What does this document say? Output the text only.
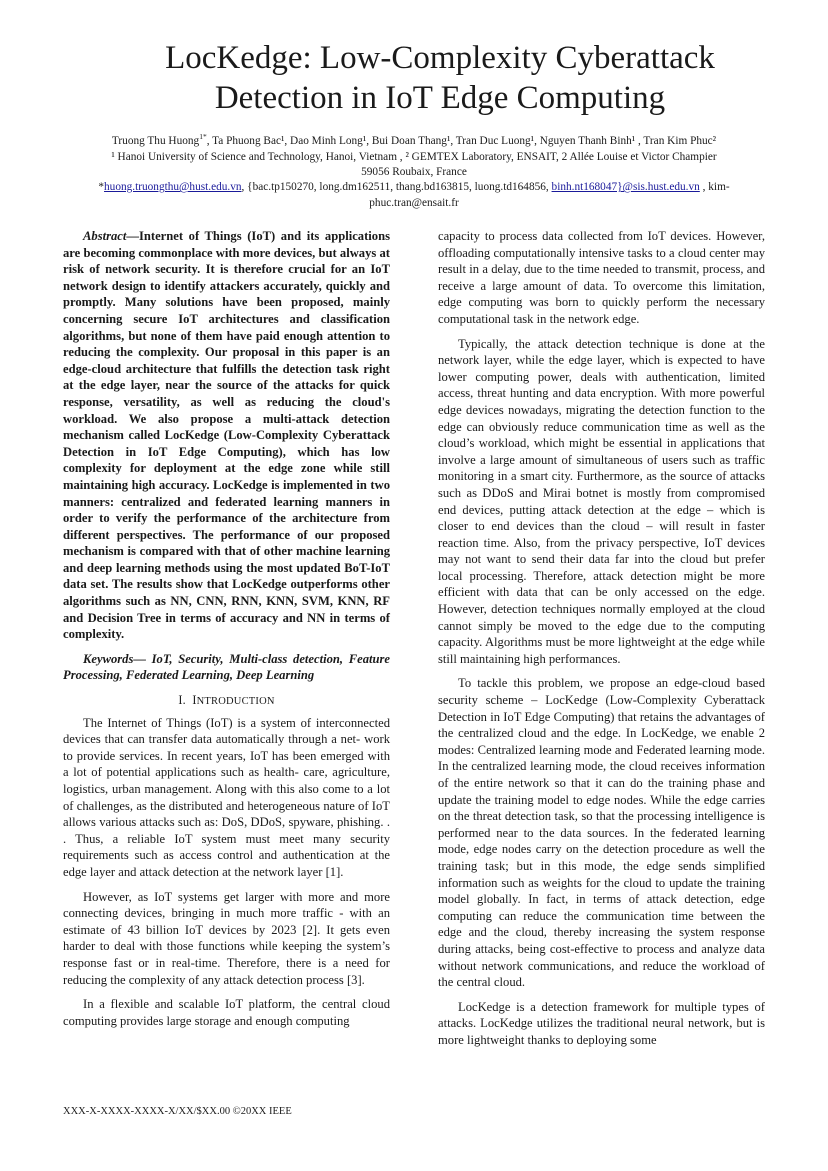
LocKedge: Low-Complexity Cyberattack
Detection in IoT Edge Computing
Truong Thu Huong$^{1*}$, Ta Phuong Bac¹, Dao Minh Long¹, Bui Doan Thang¹, Tran Duc Luong¹, Nguyen Thanh Binh¹ , Tran Kim Phuc²
¹ Hanoi University of Science and Technology, Hanoi, Vietnam , ² GEMTEX Laboratory, ENSAIT, 2 Allée Louise et Victor Champier
59056 Roubaix, France
*huong.truongthu@hust.edu.vn, {bac.tp150270, long.dm162511, thang.bd163815, luong.td164856, binh.nt168047}@sis.hust.edu.vn , kim-phuc.tran@ensait.fr

Abstract—Internet of Things (IoT) and its applications are becoming commonplace with more devices, but always at risk of network security. It is therefore crucial for an IoT network design to identify attackers accurately, quickly and promptly. Many solutions have been proposed, mainly concerning secure IoT architectures and classification algorithms, but none of them have paid enough attention to reducing the complexity. Our proposal in this paper is an edge-cloud architecture that fulfills the detection task right at the edge layer, near the source of the attacks for quick response, versatility, as well as reducing the cloud's workload. We also propose a multi-attack detection mechanism called LocKedge (Low-Complexity Cyberattack Detection in IoT Edge Computing), which has low complexity for deployment at the edge zone while still maintaining high accuracy. LocKedge is implemented in two manners: centralized and federated learning manners in order to verify the performance of the architecture from different perspectives. The performance of our proposed mechanism is compared with that of other machine learning and deep learning methods using the most updated BoT-IoT data set. The results show that LocKedge outperforms other algorithms such as NN, CNN, RNN, KNN, SVM, KNN, RF and Decision Tree in terms of accuracy and NN in terms of complexity.

Keywords— IoT, Security, Multi-class detection, Feature Processing, Federated Learning, Deep Learning

I. INTRODUCTION

The Internet of Things (IoT) is a system of interconnected devices that can transfer data automatically through a net- work to provide services. In recent years, IoT has been emerged with a lot of potential applications such as health- care, agriculture, logistics, urban management. Along with this also come to a lot of challenges, as the distributed and heterogeneous nature of IoT allows various attacks such as: DoS, DDoS, spyware, phishing. . . Thus, a reliable IoT system must meet many security requirements such as access control and authentication at the edge layer and attack detection at the network layer [1].

However, as IoT systems get larger with more and more connecting devices, bringing in much more traffic - with an estimate of 43 billion IoT devices by 2023 [2]. It gets even harder to deal with those functions while keeping the system’s response fast or in real-time. Therefore, there is a need for reducing the complexity of any attack detection process [3].

In a flexible and scalable IoT platform, the central cloud computing provides large storage and enough computing

capacity to process data collected from IoT devices. However, offloading computationally intensive tasks to a cloud center may result in a delay, due to the time needed to transmit, process, and receive a large amount of data. To overcome this limitation, edge computing was born to quickly perform the necessary computational task in the network edge.

Typically, the attack detection technique is done at the network layer, while the edge layer, which is expected to have lower computing power, deals with authentication, limited access, threat hunting and data encryption. With more powerful edge devices nowadays, migrating the detection function to the edge can obviously reduce communication time as well as the cloud’s workload, which might be essential in applications that involve a large amount of simultaneous of users such as traffic monitoring in a smart city. Furthermore, as the source of attacks such as DDoS and Mirai botnet is mostly from compromised end devices, putting attack detection at the edge – which is closer to end devices than the cloud – will result in faster reaction time. Also, from the privacy perspective, IoT devices may not want to send their data far into the cloud but prefer local processing. Therefore, attack detection might be more efficient with data that can be only accessed on the edge. However, detection techniques normally employed at the cloud cannot simply be moved to the edge due to the computing capacity. Algorithms must be more lightweight at the edge while still maintaining high performances.

To tackle this problem, we propose an edge-cloud based security scheme – LocKedge (Low-Complexity Cyberattack Detection in IoT Edge Computing) that retains the advantages of the centralized cloud and the edge. In LocKedge, we enable 2 modes: Centralized learning mode and Federated learning mode. In the centralized learning mode, the cloud receives information of the entire network so that it can do the training phase and update the training model to edge nodes. While the edge carries on the threat detection task, so that the processing intelligence is performed near to the data sources. In the federated learning mode, edge nodes carry on the detection procedure as well the training task; but in this mode, the edge sends simplified information such as weights for the cloud to update the training model globally. In fact, in terms of attack detection, edge computing can reduce the communication time between the edge and the cloud, thereby increasing the system response during attacks, being cost-effective to process and analyze data without network communications, and reduce the workload of the central cloud.

LocKedge is a detection framework for multiple types of attacks. LocKedge utilizes the traditional neural network, but is more lightweight thanks to deploying some

XXX-X-XXXX-XXXX-X/XX/$XX.00 ©20XX IEEE
